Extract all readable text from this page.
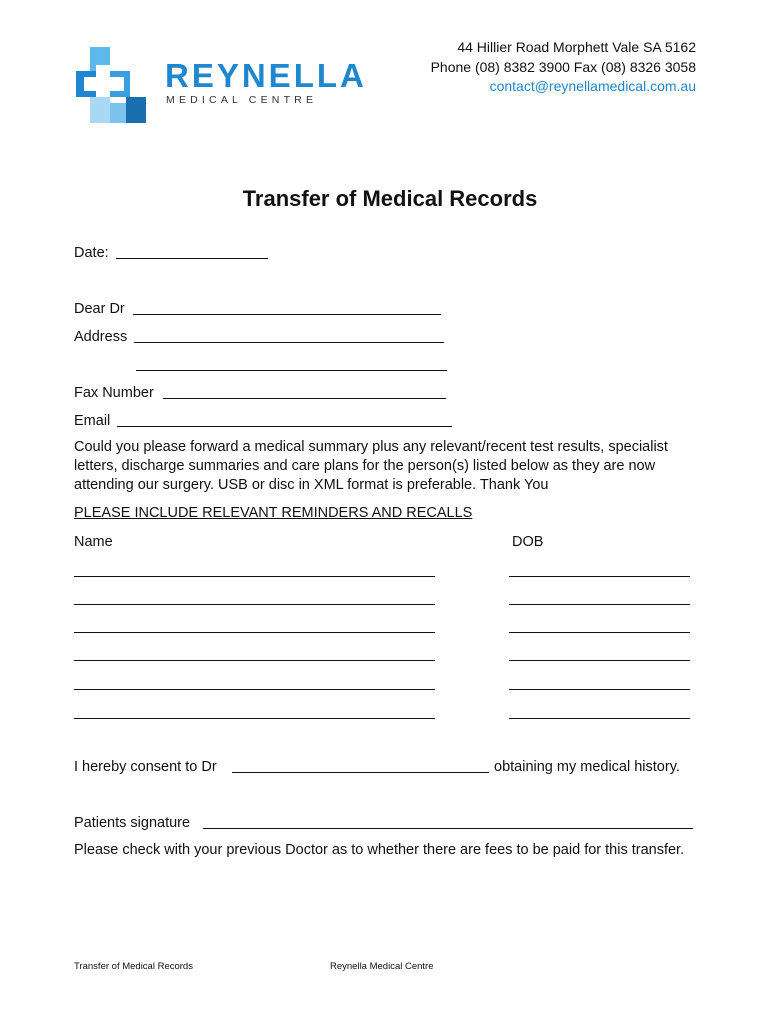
REYNELLA
MEDICAL CENTRE
44 Hillier Road Morphett Vale SA 5162
Phone (08) 8382 3900 Fax (08) 8326 3058
contact@reynellamedical.com.au
Transfer of Medical Records
Date:
Dear Dr
Address
Fax Number
Email
Could you please forward a medical summary plus any relevant/recent test results, specialist letters, discharge summaries and care plans for the person(s) listed below as they are now attending our surgery. USB or disc in XML format is preferable. Thank You
PLEASE INCLUDE RELEVANT REMINDERS AND RECALLS
Name	DOB
I hereby consent to Dr	obtaining my medical history.
Patients signature
Please check with your previous Doctor as to whether there are fees to be paid for this transfer.
Transfer of Medical Records	Reynella Medical Centre
